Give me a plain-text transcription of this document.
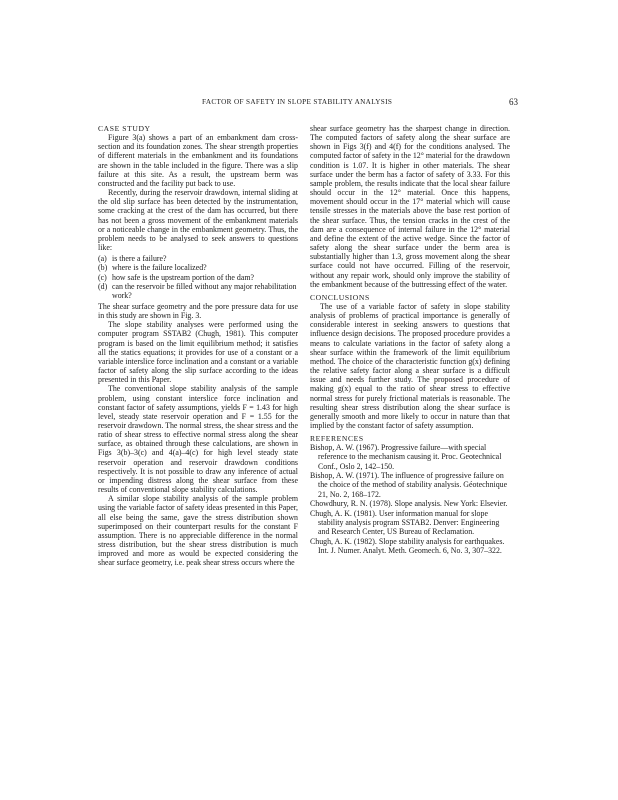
FACTOR OF SAFETY IN SLOPE STABILITY ANALYSIS	63

CASE STUDY

Figure 3(a) shows a part of an embankment dam cross-section and its foundation zones. The shear strength properties of different materials in the embankment and its foundations are shown in the table included in the figure. There was a slip failure at this site. As a result, the upstream berm was constructed and the facility put back to use.

Recently, during the reservoir drawdown, internal sliding at the old slip surface has been detected by the instrumentation, some cracking at the crest of the dam has occurred, but there has not been a gross movement of the embankment materials or a noticeable change in the embankment geometry. Thus, the problem needs to be analysed to seek answers to questions like:

(a) is there a failure?
(b) where is the failure localized?
(c) how safe is the upstream portion of the dam?
(d) can the reservoir be filled without any major rehabilitation work?

The shear surface geometry and the pore pressure data for use in this study are shown in Fig. 3.

The slope stability analyses were performed using the computer program SSTAB2 (Chugh, 1981). This computer program is based on the limit equilibrium method; it satisfies all the statics equations; it provides for use of a constant or a variable interslice force inclination and a constant or a variable factor of safety along the slip surface according to the ideas presented in this Paper.

The conventional slope stability analysis of the sample problem, using constant interslice force inclination and constant factor of safety assumptions, yields F = 1.43 for high level, steady state reservoir operation and F = 1.55 for the reservoir drawdown. The normal stress, the shear stress and the ratio of shear stress to effective normal stress along the shear surface, as obtained through these calculations, are shown in Figs 3(b)–3(c) and 4(a)–4(c) for high level steady state reservoir operation and reservoir drawdown conditions respectively. It is not possible to draw any inference of actual or impending distress along the shear surface from these results of conventional slope stability calculations.

A similar slope stability analysis of the sample problem using the variable factor of safety ideas presented in this Paper, all else being the same, gave the stress distribution shown superimposed on their counterpart results for the constant F assumption. There is no appreciable difference in the normal stress distribution, but the shear stress distribution is much improved and more as would be expected considering the shear surface geometry, i.e. peak shear stress occurs where the

shear surface geometry has the sharpest change in direction. The computed factors of safety along the shear surface are shown in Figs 3(f) and 4(f) for the conditions analysed. The computed factor of safety in the 12° material for the drawdown condition is 1.07. It is higher in other materials. The shear surface under the berm has a factor of safety of 3.33. For this sample problem, the results indicate that the local shear failure should occur in the 12° material. Once this happens, movement should occur in the 17° material which will cause tensile stresses in the materials above the base rest portion of the shear surface. Thus, the tension cracks in the crest of the dam are a consequence of internal failure in the 12° material and define the extent of the active wedge. Since the factor of safety along the shear surface under the berm area is substantially higher than 1.3, gross movement along the shear surface could not have occurred. Filling of the reservoir, without any repair work, should only improve the stability of the embankment because of the buttressing effect of the water.

CONCLUSIONS

The use of a variable factor of safety in slope stability analysis of problems of practical importance is generally of considerable interest in seeking answers to questions that influence design decisions. The proposed procedure provides a means to calculate variations in the factor of safety along a shear surface within the framework of the limit equilibrium method. The choice of the characteristic function g(x) defining the relative safety factor along a shear surface is a difficult issue and needs further study. The proposed procedure of making g(x) equal to the ratio of shear stress to effective normal stress for purely frictional materials is reasonable. The resulting shear stress distribution along the shear surface is generally smooth and more likely to occur in nature than that implied by the constant factor of safety assumption.

REFERENCES

Bishop, A. W. (1967). Progressive failure—with special reference to the mechanism causing it. Proc. Geotechnical Conf., Oslo 2, 142–150.
Bishop, A. W. (1971). The influence of progressive failure on the choice of the method of stability analysis. Géotechnique 21, No. 2, 168–172.
Chowdhury, R. N. (1978). Slope analysis. New York: Elsevier.
Chugh, A. K. (1981). User information manual for slope stability analysis program SSTAB2. Denver: Engineering and Research Center, US Bureau of Reclamation.
Chugh, A. K. (1982). Slope stability analysis for earthquakes. Int. J. Numer. Analyt. Meth. Geomech. 6, No. 3, 307–322.
